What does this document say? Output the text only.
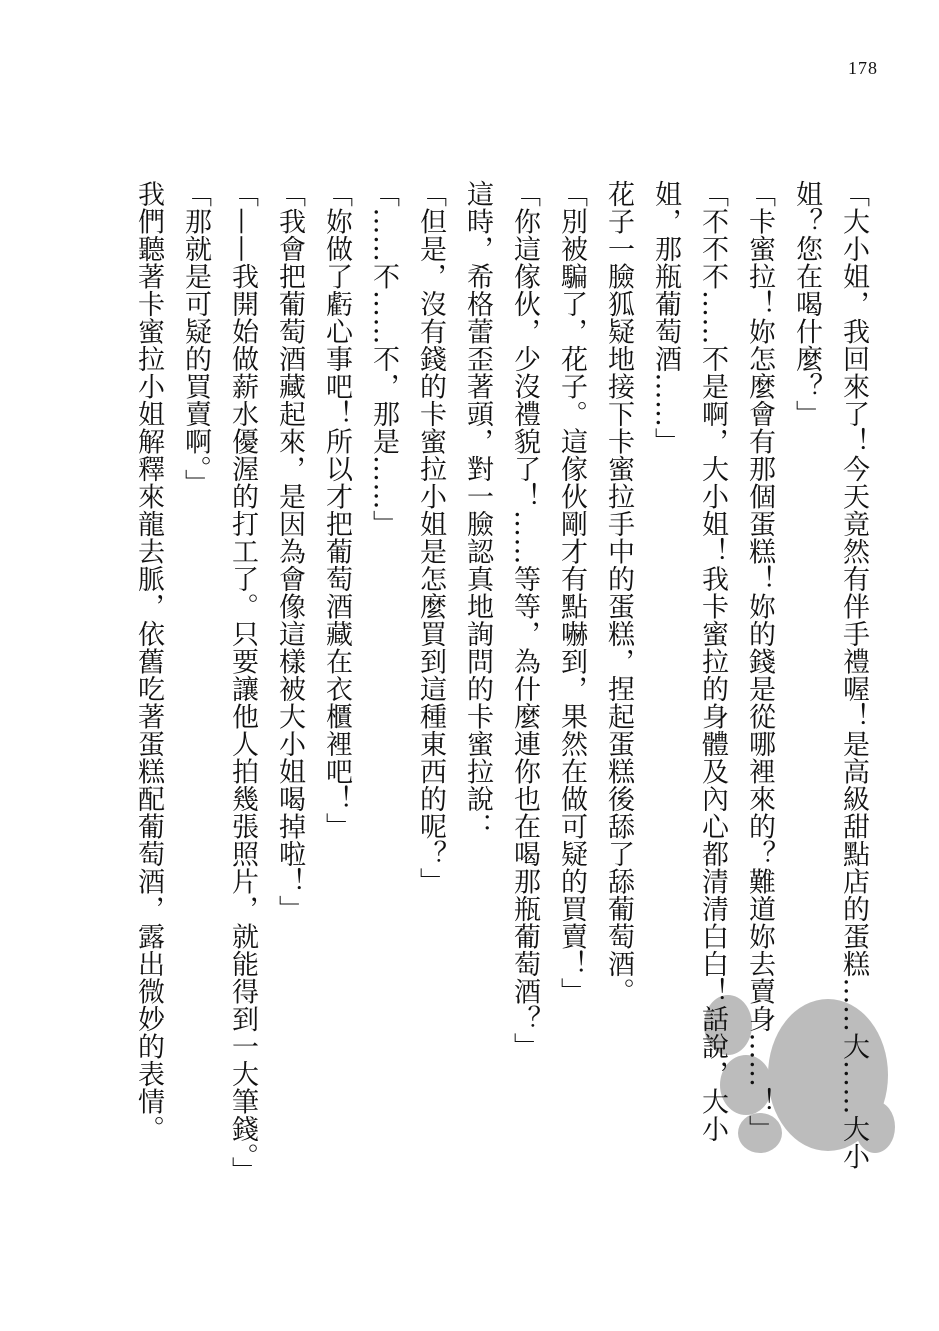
178

「大小姐，我回來了！今天竟然有伴手禮喔！是高級甜點店的蛋糕……大……大小姐？您在喝什麼？」

「卡蜜拉！妳怎麼會有那個蛋糕！妳的錢是從哪裡來的？難道妳去賣身……！」

「不不不……不是啊，大小姐！我卡蜜拉的身體及內心都清清白白！話說，大小姐，那瓶葡萄酒……」

花子一臉狐疑地接下卡蜜拉手中的蛋糕，捏起蛋糕後舔了舔葡萄酒。

「別被騙了，花子。這傢伙剛才有點嚇到，果然在做可疑的買賣！」

「你這傢伙，少沒禮貌了！……等等，為什麼連你也在喝那瓶葡萄酒？」

這時，希格蕾歪著頭，對一臉認真地詢問的卡蜜拉說：

「但是，沒有錢的卡蜜拉小姐是怎麼買到這種東西的呢？」

「……不……不，那是……」

「妳做了虧心事吧！所以才把葡萄酒藏在衣櫃裡吧！」

「我會把葡萄酒藏起來，是因為會像這樣被大小姐喝掉啦！」

「——我開始做薪水優渥的打工了。只要讓他人拍幾張照片，就能得到一大筆錢。」

「那就是可疑的買賣啊。」

我們聽著卡蜜拉小姐解釋來龍去脈，依舊吃著蛋糕配葡萄酒，露出微妙的表情。
